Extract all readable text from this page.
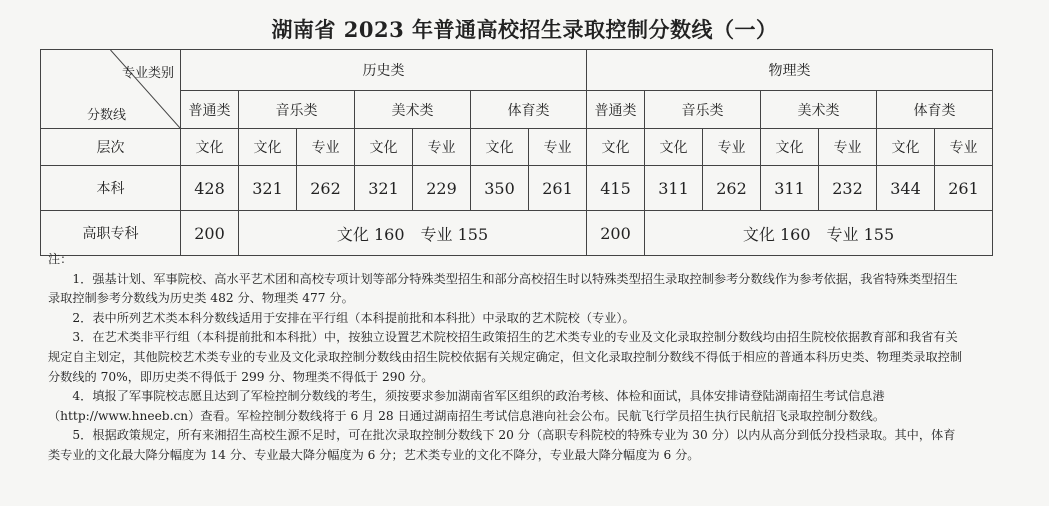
湖南省 2023 年普通高校招生录取控制分数线（一）
专业类别
分数线	历史类							物理类						
	普通类	音乐类		美术类		体育类		普通类	音乐类		美术类		体育类	
层次	文化	文化	专业	文化	专业	文化	专业	文化	文化	专业	文化	专业	文化	专业
本科	428	321	262	321	229	350	261	415	311	262	311	232	344	261
高职专科	200	文化 160　专业 155						200	文化 160　专业 155					

注：

1．强基计划、军事院校、高水平艺术团和高校专项计划等部分特殊类型招生和部分高校招生时以特殊类型招生录取控制参考分数线作为参考依据，我省特殊类型招生录取控制参考分数线为历史类 482 分、物理类 477 分。

2．表中所列艺术类本科分数线适用于安排在平行组（本科提前批和本科批）中录取的艺术院校（专业）。

3．在艺术类非平行组（本科提前批和本科批）中，按独立设置艺术院校招生政策招生的艺术类专业的专业及文化录取控制分数线均由招生院校依据教育部和我省有关规定自主划定，其他院校艺术类专业的专业及文化录取控制分数线由招生院校依据有关规定确定，但文化录取控制分数线不得低于相应的普通本科历史类、物理类录取控制分数线的 70%，即历史类不得低于 299 分、物理类不得低于 290 分。

4．填报了军事院校志愿且达到了军检控制分数线的考生，须按要求参加湖南省军区组织的政治考核、体检和面试，具体安排请登陆湖南招生考试信息港（http://www.hneeb.cn）查看。军检控制分数线将于 6 月 28 日通过湖南招生考试信息港向社会公布。民航飞行学员招生执行民航招飞录取控制分数线。

5．根据政策规定，所有来湘招生高校生源不足时，可在批次录取控制分数线下 20 分（高职专科院校的特殊专业为 30 分）以内从高分到低分投档录取。其中，体育类专业的文化最大降分幅度为 14 分、专业最大降分幅度为 6 分；艺术类专业的文化不降分，专业最大降分幅度为 6 分。
